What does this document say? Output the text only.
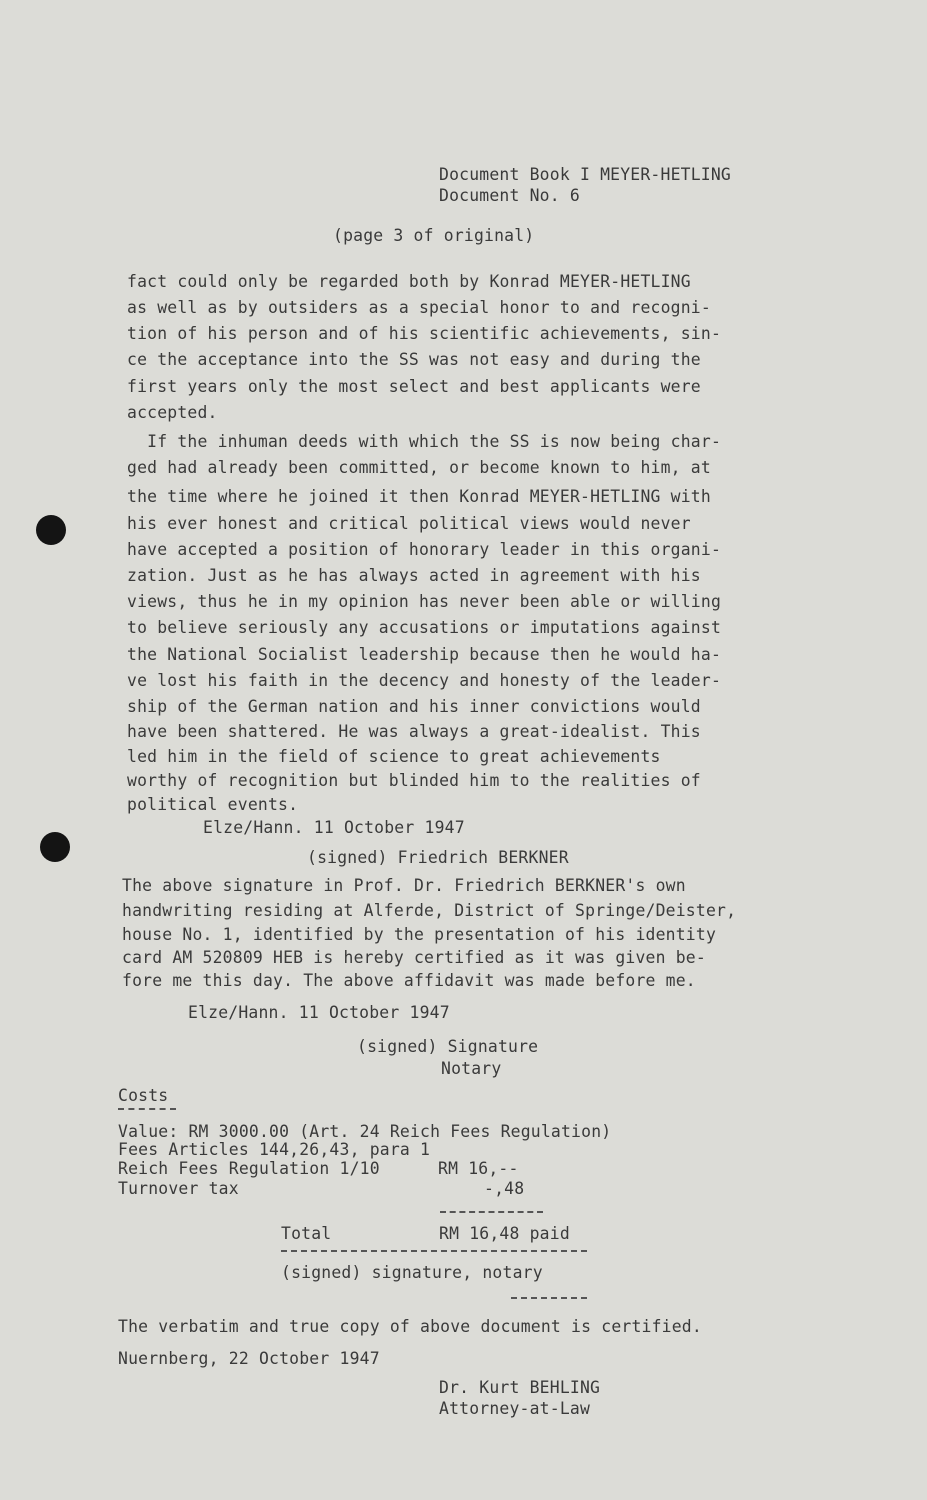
Document Book I MEYER-HETLING
Document No. 6
(page 3 of original)
fact could only be regarded both by Konrad MEYER-HETLING
as well as by outsiders as a special honor to and recogni-
tion of his person and of his scientific achievements, sin-
ce the acceptance into the SS was not easy and during the
first years only the most select and best applicants were
accepted.
If the inhuman deeds with which the SS is now being char-
ged had already been committed, or become known to him, at
the time where he joined it then Konrad MEYER-HETLING with
his ever honest and critical political views would never
have accepted a position of honorary leader in this organi-
zation. Just as he has always acted in agreement with his
views, thus he in my opinion has never been able or willing
to believe seriously any accusations or imputations against
the National Socialist leadership because then he would ha-
ve lost his faith in the decency and honesty of the leader-
ship of the German nation and his inner convictions would
have been shattered. He was always a great-idealist. This
led him in the field of science to great achievements
worthy of recognition but blinded him to the realities of
political events.
Elze/Hann. 11 October 1947
(signed) Friedrich BERKNER
The above signature in Prof. Dr. Friedrich BERKNER's own
handwriting residing at Alferde, District of Springe/Deister,
house No. 1, identified by the presentation of his identity
card AM 520809 HEB is hereby certified as it was given be-
fore me this day. The above affidavit was made before me.
Elze/Hann. 11 October 1947
(signed) Signature
Notary
Costs
Value: RM 3000.00 (Art. 24 Reich Fees Regulation)
Fees Articles 144,26,43, para 1
Reich Fees Regulation 1/10	RM 16,--
Turnover tax	-,48
Total	RM 16,48 paid
(signed) signature, notary
The verbatim and true copy of above document is certified.
Nuernberg, 22 October 1947
Dr. Kurt BEHLING
Attorney-at-Law
